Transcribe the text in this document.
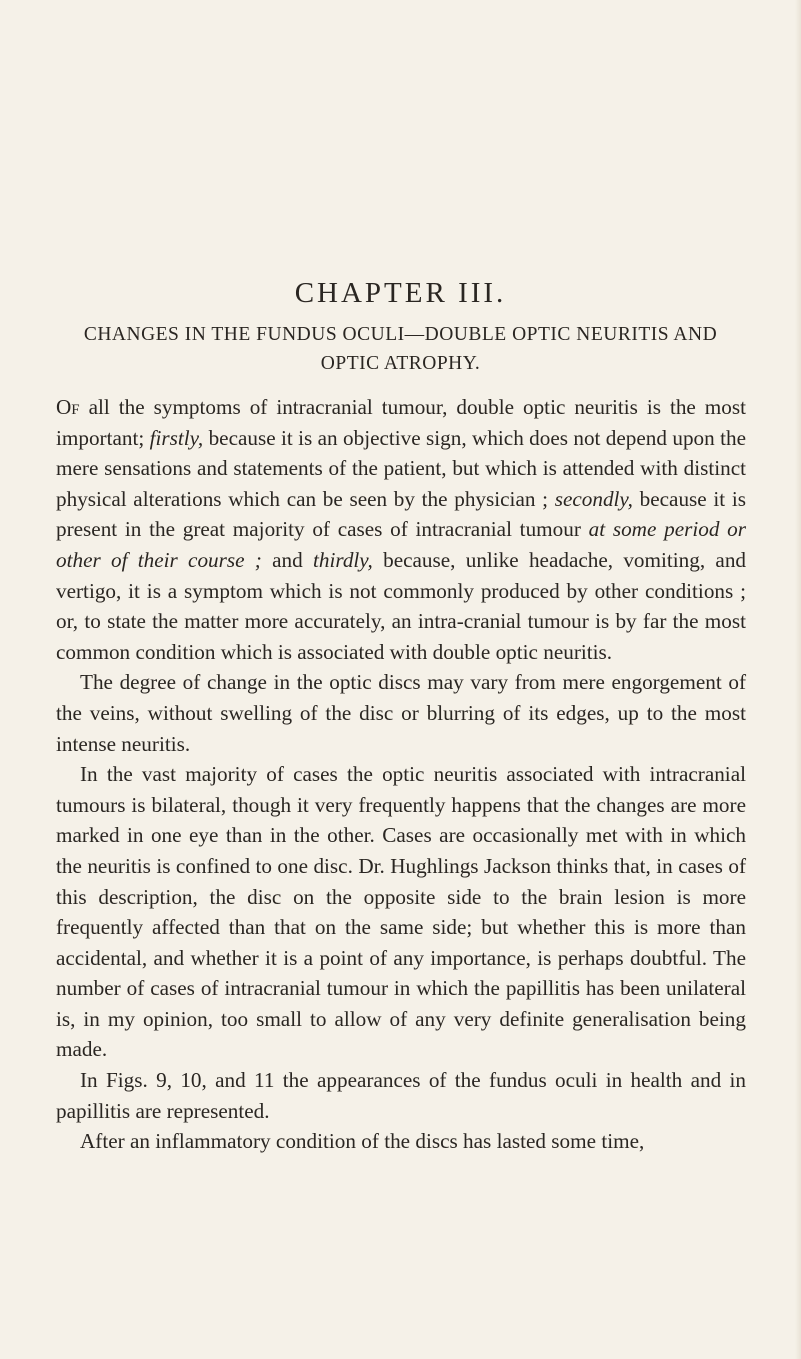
CHAPTER III.
CHANGES IN THE FUNDUS OCULI—DOUBLE OPTIC NEURITIS AND OPTIC ATROPHY.

Of all the symptoms of intracranial tumour, double optic neuritis is the most important; firstly, because it is an objective sign, which does not depend upon the mere sensations and statements of the patient, but which is attended with distinct physical alterations which can be seen by the physician ; secondly, because it is present in the great majority of cases of intracranial tumour at some period or other of their course ; and thirdly, because, unlike headache, vomiting, and vertigo, it is a symptom which is not commonly produced by other conditions ; or, to state the matter more accurately, an intra-cranial tumour is by far the most common condition which is associated with double optic neuritis.

The degree of change in the optic discs may vary from mere engorgement of the veins, without swelling of the disc or blurring of its edges, up to the most intense neuritis.

In the vast majority of cases the optic neuritis associated with intracranial tumours is bilateral, though it very frequently happens that the changes are more marked in one eye than in the other. Cases are occasionally met with in which the neuritis is confined to one disc. Dr. Hughlings Jackson thinks that, in cases of this description, the disc on the opposite side to the brain lesion is more frequently affected than that on the same side; but whether this is more than accidental, and whether it is a point of any importance, is perhaps doubtful. The number of cases of intracranial tumour in which the papillitis has been unilateral is, in my opinion, too small to allow of any very definite generalisation being made.

In Figs. 9, 10, and 11 the appearances of the fundus oculi in health and in papillitis are represented.

After an inflammatory condition of the discs has lasted some time,
